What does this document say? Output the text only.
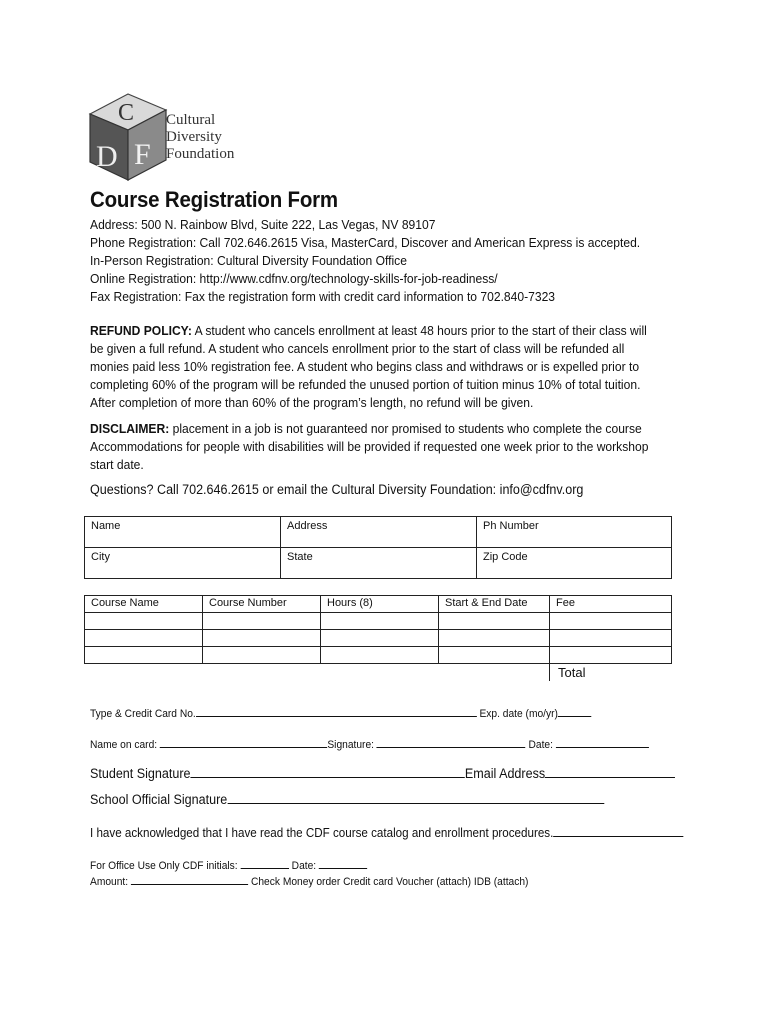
C
D F
Cultural
Diversity
Foundation
Course Registration Form
Address: 500 N. Rainbow Blvd, Suite 222, Las Vegas, NV 89107
Phone Registration: Call 702.646.2615 Visa, MasterCard, Discover and American Express is accepted.
In-Person Registration: Cultural Diversity Foundation Office
Online Registration: http://www.cdfnv.org/technology-skills-for-job-readiness/
Fax Registration: Fax the registration form with credit card information to 702.840-7323
REFUND POLICY: A student who cancels enrollment at least 48 hours prior to the start of their class will
be given a full refund. A student who cancels enrollment prior to the start of class will be refunded all
monies paid less 10% registration fee. A student who begins class and withdraws or is expelled prior to
completing 60% of the program will be refunded the unused portion of tuition minus 10% of total tuition.
After completion of more than 60% of the program’s length, no refund will be given.
DISCLAIMER: placement in a job is not guaranteed nor promised to students who complete the course
Accommodations for people with disabilities will be provided if requested one week prior to the workshop
start date.
Questions? Call 702.646.2615 or email the Cultural Diversity Foundation: info@cdfnv.org
Name	Address	Ph Number
City	State	Zip Code
Course Name	Course Number	Hours (8)	Start & End Date	Fee

				Total
Type & Credit Card No.	Exp. date (mo/yr)
Name on card:	Signature:	Date:
Student Signature	Email Address
School Official Signature
I have acknowledged that I have read the CDF course catalog and enrollment procedures.
For Office Use Only CDF initials:	Date:
Amount:	Check Money order Credit card Voucher (attach) IDB (attach)
